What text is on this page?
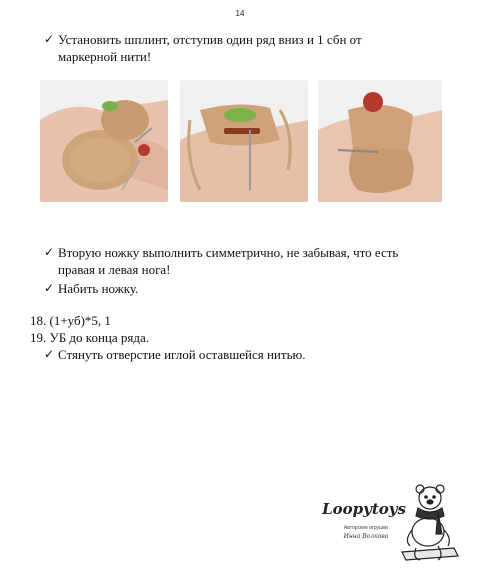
14
✓ Установить шплинт, отступив один ряд вниз и 1 сбн от
маркерной нити!
✓ Вторую ножку выполнить симметрично, не забывая, что есть
правая и левая нога!
✓ Набить ножку.
18. (1+уб)*5, 1
19. УБ до конца ряда.
✓ Стянуть отверстие иглой оставшейся нитью.
Loopytoys
Авторские игрушки
Инна Волкова
